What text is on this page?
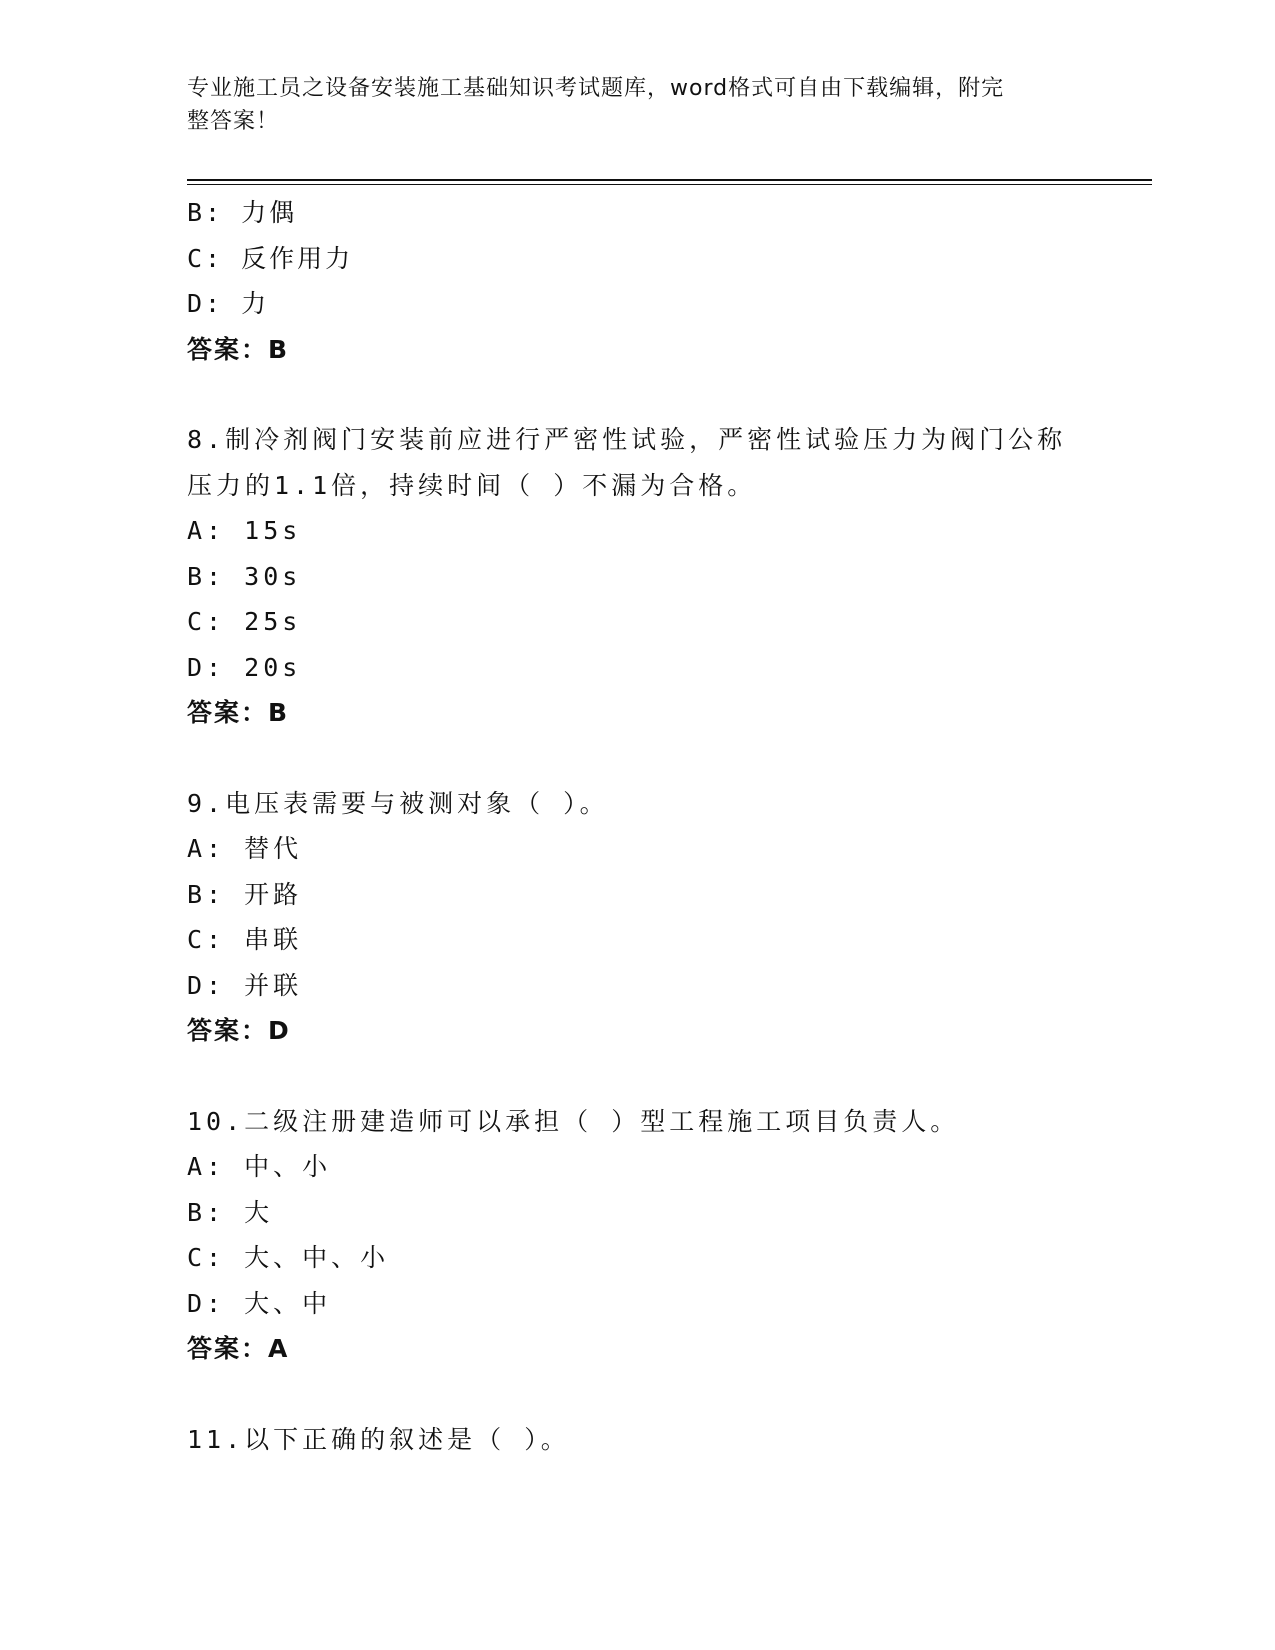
专业施工员之设备安装施工基础知识考试题库，word格式可自由下载编辑，附完
整答案！
B: 力偶
C: 反作用力
D: 力
答案：B
8.制冷剂阀门安装前应进行严密性试验，严密性试验压力为阀门公称
压力的1.1倍，持续时间（ ）不漏为合格。
A: 15s
B: 30s
C: 25s
D: 20s
答案：B
9.电压表需要与被测对象（ ）。
A: 替代
B: 开路
C: 串联
D: 并联
答案：D
10.二级注册建造师可以承担（ ）型工程施工项目负责人。
A: 中、小
B: 大
C: 大、中、小
D: 大、中
答案：A
11.以下正确的叙述是（ ）。
